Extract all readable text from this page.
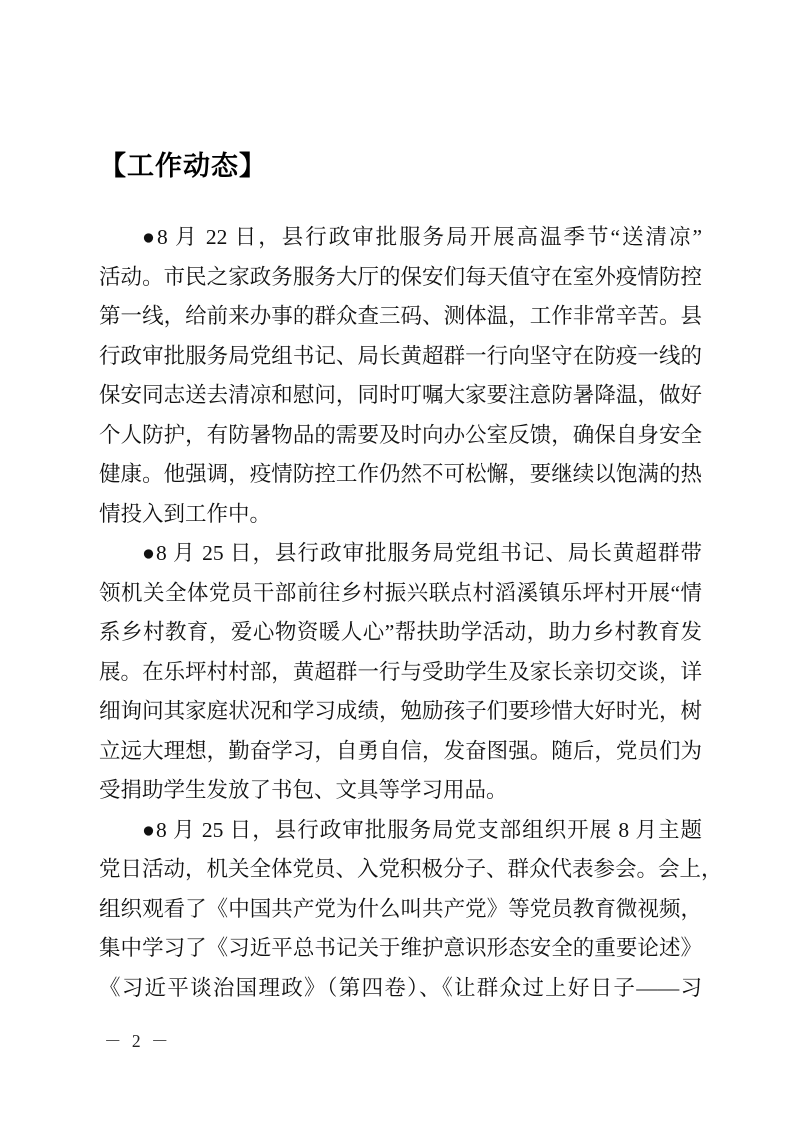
【工作动态】
●8 月 22 日，县行政审批服务局开展高温季节“送清凉”
活动。市民之家政务服务大厅的保安们每天值守在室外疫情防控
第一线，给前来办事的群众查三码、测体温，工作非常辛苦。县
行政审批服务局党组书记、局长黄超群一行向坚守在防疫一线的
保安同志送去清凉和慰问，同时叮嘱大家要注意防暑降温，做好
个人防护，有防暑物品的需要及时向办公室反馈，确保自身安全
健康。他强调，疫情防控工作仍然不可松懈，要继续以饱满的热
情投入到工作中。
●8 月 25 日，县行政审批服务局党组书记、局长黄超群带
领机关全体党员干部前往乡村振兴联点村滔溪镇乐坪村开展“情
系乡村教育，爱心物资暖人心”帮扶助学活动，助力乡村教育发
展。在乐坪村村部，黄超群一行与受助学生及家长亲切交谈，详
细询问其家庭状况和学习成绩，勉励孩子们要珍惜大好时光，树
立远大理想，勤奋学习，自勇自信，发奋图强。随后，党员们为
受捐助学生发放了书包、文具等学习用品。
●8 月 25 日，县行政审批服务局党支部组织开展 8 月主题
党日活动，机关全体党员、入党积极分子、群众代表参会。会上，
组织观看了《中国共产党为什么叫共产党》等党员教育微视频，
集中学习了《习近平总书记关于维护意识形态安全的重要论述》
《习近平谈治国理政》（第四卷）、《让群众过上好日子——习
－ 2 －
